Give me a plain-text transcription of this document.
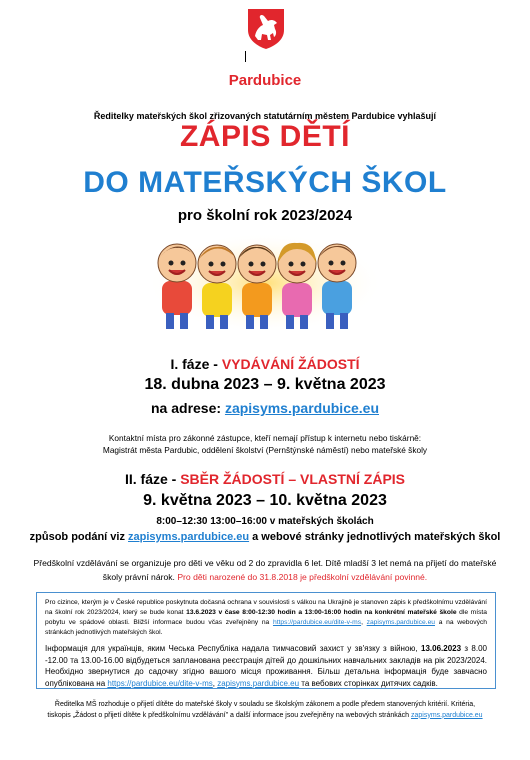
Pardubice
Ředitelky mateřských škol zřizovaných statutárním městem Pardubice vyhlašují
ZÁPIS DĚTÍ
DO MATEŘSKÝCH ŠKOL
pro školní rok 2023/2024
I. fáze - VYDÁVÁNÍ ŽÁDOSTÍ
18. dubna 2023 – 9. května 2023
na adrese: zapisyms.pardubice.eu
Kontaktní místa pro zákonné zástupce, kteří nemají přístup k internetu nebo tiskárně:
Magistrát města Pardubic, oddělení školství (Pernštýnské náměstí) nebo mateřské školy
II. fáze - SBĚR ŽÁDOSTÍ – VLASTNÍ ZÁPIS
9. května 2023 – 10. května 2023
8:00–12:30 13:00–16:00 v mateřských školách
způsob podání viz zapisyms.pardubice.eu a webové stránky jednotlivých mateřských škol
Předškolní vzdělávání se organizuje pro děti ve věku od 2 do zpravidla 6 let. Dítě mladší 3 let nemá na přijetí do mateřské školy právní nárok. Pro děti narozené do 31.8.2018 je předškolní vzdělávání povinné.

Pro cizince, kterým je v České republice poskytnuta dočasná ochrana v souvislosti s válkou na Ukrajině je stanoven zápis k předškolnímu vzdělávání na školní rok 2023/2024, který se bude konat 13.6.2023 v čase 8:00-12:30 hodin a 13:00-16:00 hodin na konkrétní mateřské škole dle místa pobytu ve spádové oblasti. Bližší informace budou včas zveřejněny na https://pardubice.eu/dite-v-ms, zapisyms.pardubice.eu a na webových stránkách jednotlivých mateřských škol.

Інформація для українців, яким Чеська Республіка надала тимчасовий захист у зв'язку з війною, 13.06.2023 з 8.00 -12.00 та 13.00-16.00 відбудеться запланована реєстрація дітей до дошкільних навчальних закладів на рік 2023/2024. Необхідно звернутися до садочку згідно вашого місця проживання. Більш детальна інформація буде завчасно опублікована на https://pardubice.eu/dite-v-ms, zapisyms.pardubice.eu та вебових сторінках дитячих садків.

Ředitelka MŠ rozhoduje o přijetí dítěte do mateřské školy v souladu se školským zákonem a podle předem stanovených kritérií. Kritéria,
tiskopis „Žádost o přijetí dítěte k předškolnímu vzdělávání" a další informace jsou zveřejněny na webových stránkách zapisyms.pardubice.eu
